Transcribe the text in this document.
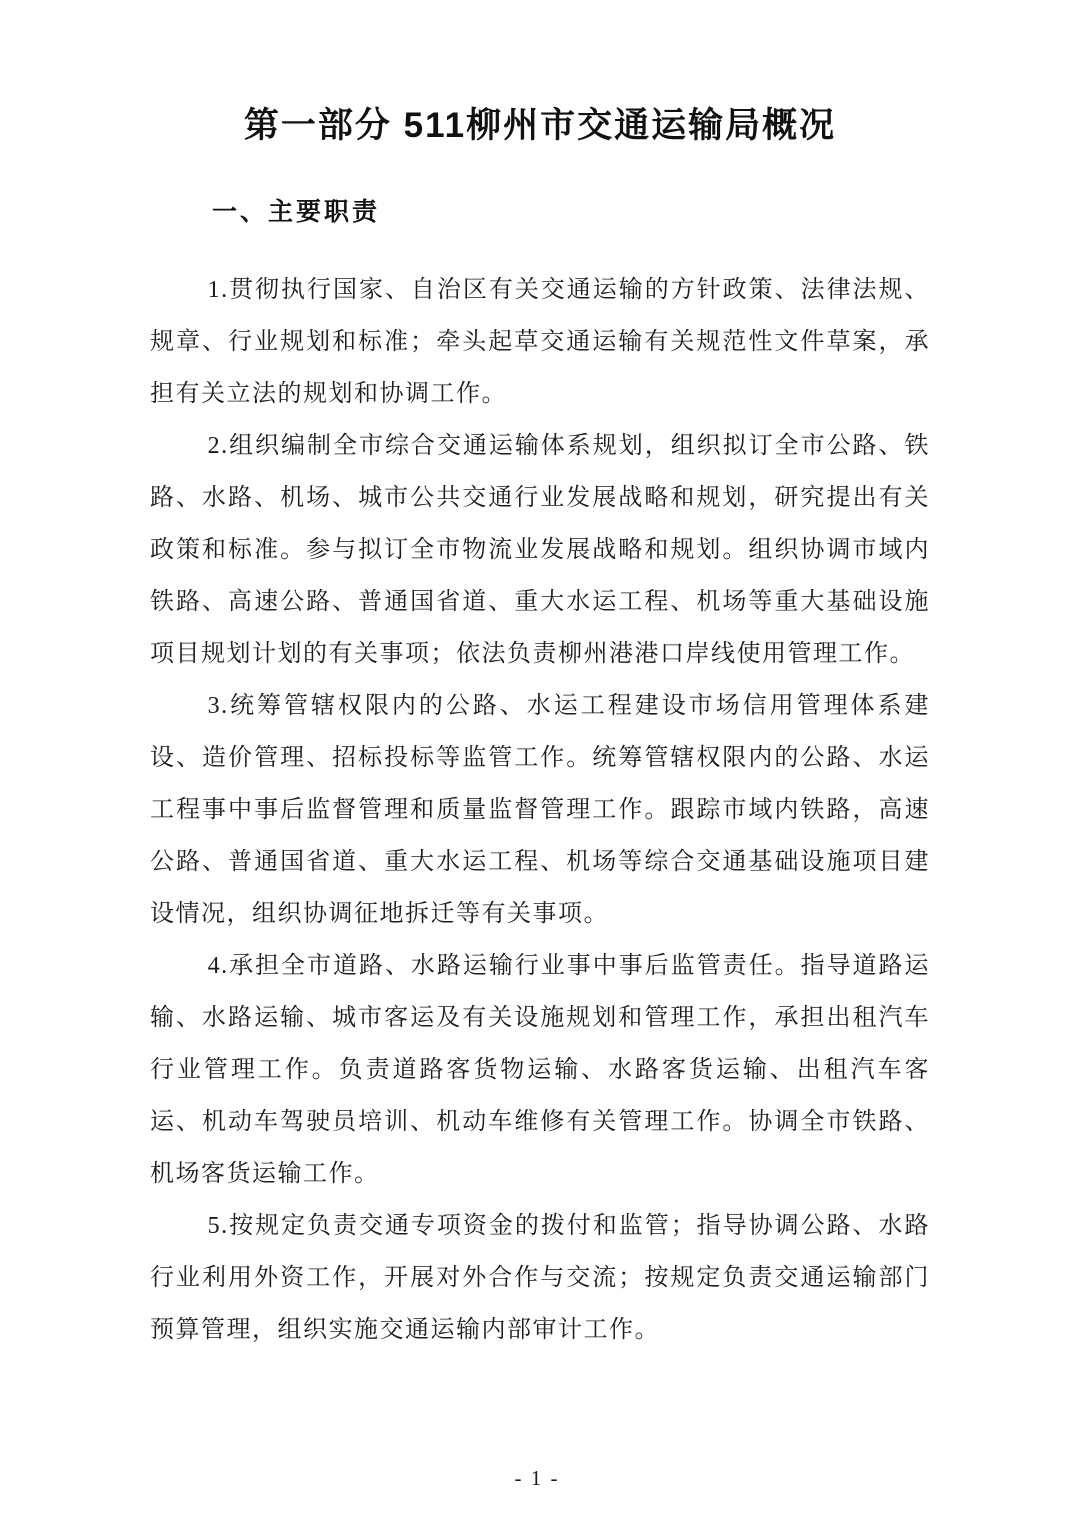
第一部分 511柳州市交通运输局概况
一、主要职责

1.贯彻执行国家、自治区有关交通运输的方针政策、法律法规、规章、行业规划和标准；牵头起草交通运输有关规范性文件草案，承担有关立法的规划和协调工作。

2.组织编制全市综合交通运输体系规划，组织拟订全市公路、铁路、水路、机场、城市公共交通行业发展战略和规划，研究提出有关政策和标准。参与拟订全市物流业发展战略和规划。组织协调市域内铁路、高速公路、普通国省道、重大水运工程、机场等重大基础设施项目规划计划的有关事项；依法负责柳州港港口岸线使用管理工作。

3.统筹管辖权限内的公路、水运工程建设市场信用管理体系建设、造价管理、招标投标等监管工作。统筹管辖权限内的公路、水运工程事中事后监督管理和质量监督管理工作。跟踪市域内铁路，高速公路、普通国省道、重大水运工程、机场等综合交通基础设施项目建设情况，组织协调征地拆迁等有关事项。

4.承担全市道路、水路运输行业事中事后监管责任。指导道路运输、水路运输、城市客运及有关设施规划和管理工作，承担出租汽车行业管理工作。负责道路客货物运输、水路客货运输、出租汽车客运、机动车驾驶员培训、机动车维修有关管理工作。协调全市铁路、机场客货运输工作。

5.按规定负责交通专项资金的拨付和监管；指导协调公路、水路行业利用外资工作，开展对外合作与交流；按规定负责交通运输部门预算管理，组织实施交通运输内部审计工作。

- 1 -
